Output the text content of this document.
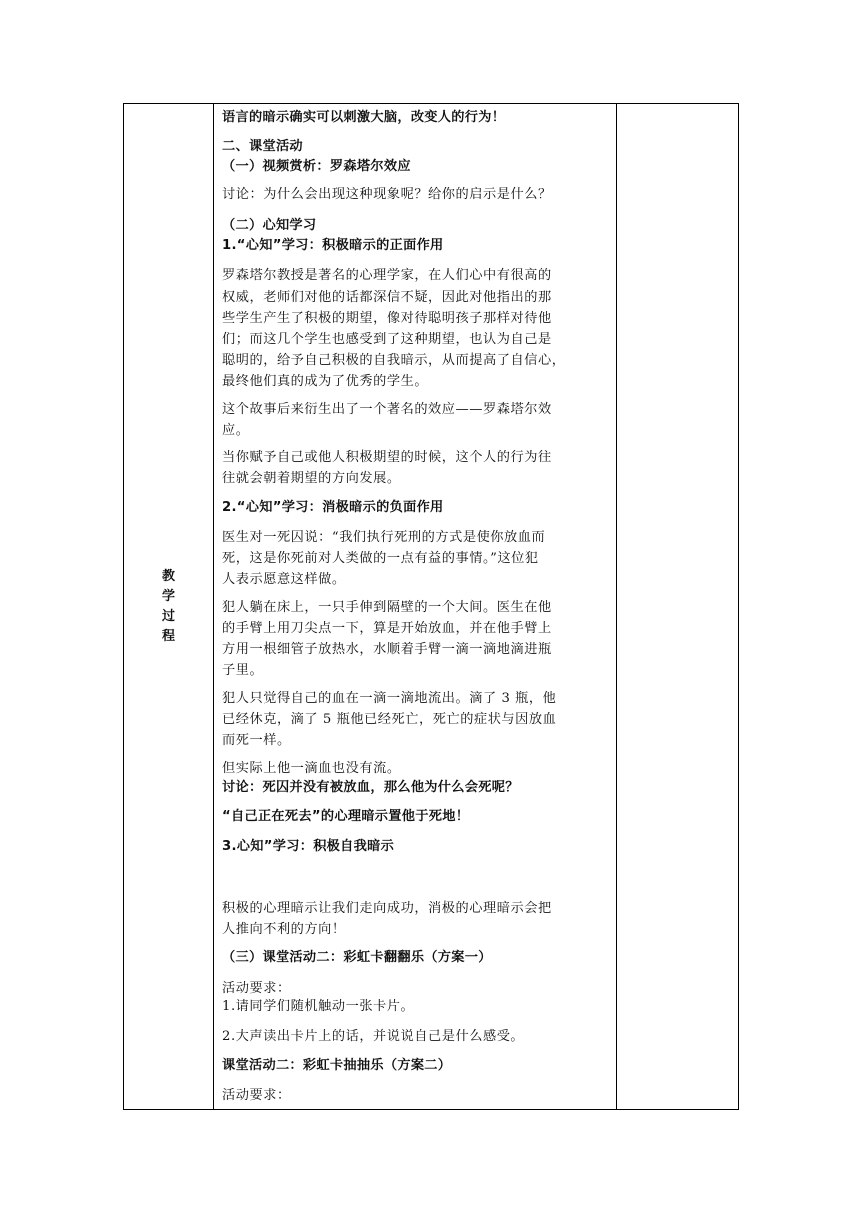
教
学
过
程

语言的暗示确实可以刺激大脑，改变人的行为！
二、课堂活动
（一）视频赏析：罗森塔尔效应
讨论：为什么会出现这种现象呢？给你的启示是什么？
（二）心知学习
1.“心知”学习：积极暗示的正面作用
罗森塔尔教授是著名的心理学家，在人们心中有很高的
权威，老师们对他的话都深信不疑，因此对他指出的那
些学生产生了积极的期望，像对待聪明孩子那样对待他
们；而这几个学生也感受到了这种期望，也认为自己是
聪明的，给予自己积极的自我暗示，从而提高了自信心，
最终他们真的成为了优秀的学生。
这个故事后来衍生出了一个著名的效应——罗森塔尔效
应。
当你赋予自己或他人积极期望的时候，这个人的行为往
往就会朝着期望的方向发展。
2.“心知”学习：消极暗示的负面作用
医生对一死囚说：“我们执行死刑的方式是使你放血而
死，这是你死前对人类做的一点有益的事情。”这位犯
人表示愿意这样做。
犯人躺在床上，一只手伸到隔壁的一个大间。医生在他
的手臂上用刀尖点一下，算是开始放血，并在他手臂上
方用一根细管子放热水，水顺着手臂一滴一滴地滴进瓶
子里。
犯人只觉得自己的血在一滴一滴地流出。滴了 3 瓶，他
已经休克，滴了 5 瓶他已经死亡，死亡的症状与因放血
而死一样。
但实际上他一滴血也没有流。
讨论：死囚并没有被放血，那么他为什么会死呢？
“自己正在死去”的心理暗示置他于死地！
3.心知”学习：积极自我暗示
积极的心理暗示让我们走向成功，消极的心理暗示会把
人推向不利的方向！
（三）课堂活动二：彩虹卡翻翻乐（方案一）
活动要求：
1.请同学们随机触动一张卡片。
2.大声读出卡片上的话，并说说自己是什么感受。
课堂活动二：彩虹卡抽抽乐（方案二）
活动要求：
